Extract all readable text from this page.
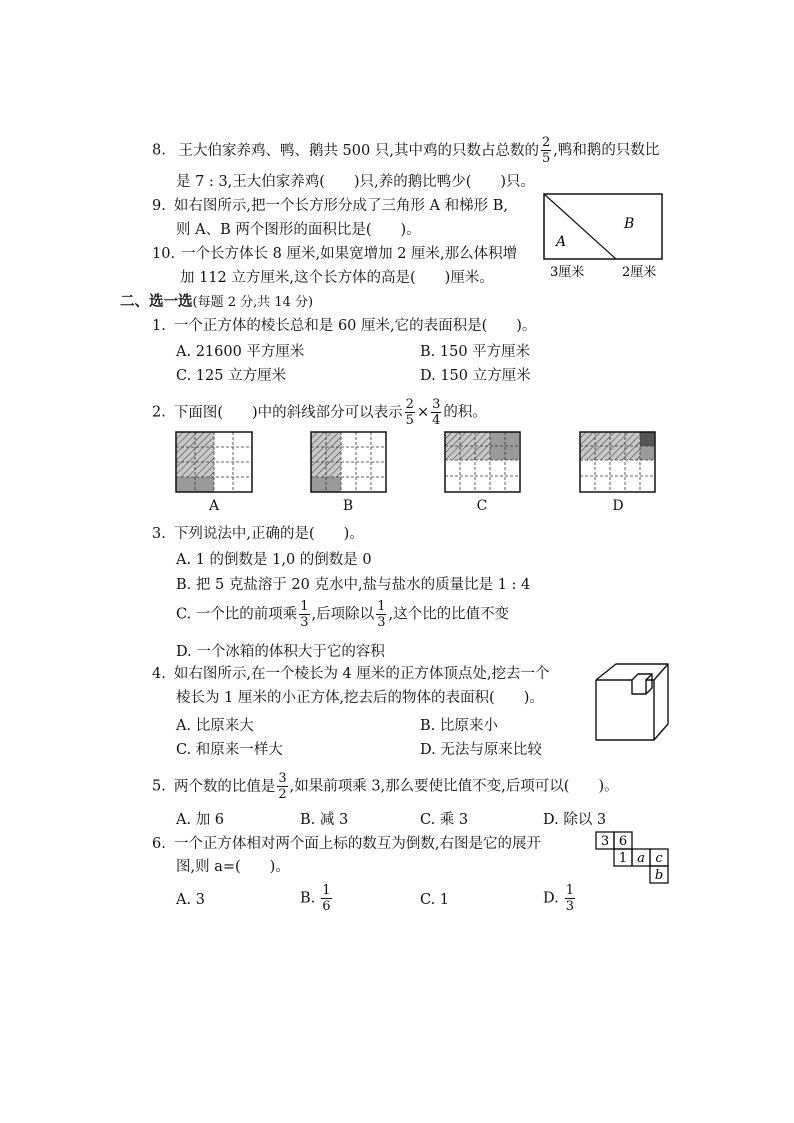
8. 王大伯家养鸡、鸭、鹅共 500 只,其中鸡的只数占总数的 $\frac{2}{5}$ ,鸭和鹅的只数比
是 7 : 3,王大伯家养鸡(　　)只,养的鹅比鸭少(　　)只。
9. 如右图所示,把一个长方形分成了三角形 A 和梯形 B,
则 A、B 两个图形的面积比是(　　)。
A
B
3厘米	2厘米
10. 一个长方体长 8 厘米,如果宽增加 2 厘米,那么体积增
加 112 立方厘米,这个长方体的高是(　　)厘米。
二、选一选(每题 2 分,共 14 分)
1. 一个正方体的棱长总和是 60 厘米,它的表面积是(　　)。
A. 21600 平方厘米	B. 150 平方厘米
C. 125 立方厘米	D. 150 立方厘米
2. 下面图(　　)中的斜线部分可以表示 $\frac{2}{5} \times \frac{3}{4}$ 的积。
A	B	C	D
3. 下列说法中,正确的是(　　)。
A. 1 的倒数是 1,0 的倒数是 0
B. 把 5 克盐溶于 20 克水中,盐与盐水的质量比是 1 : 4
C. 一个比的前项乘 $\frac{1}{3}$ ,后项除以 $\frac{1}{3}$ ,这个比的比值不变
D. 一个冰箱的体积大于它的容积
4. 如右图所示,在一个棱长为 4 厘米的正方体顶点处,挖去一个
棱长为 1 厘米的小正方体,挖去后的物体的表面积(　　)。
A. 比原来大	B. 比原来小
C. 和原来一样大	D. 无法与原来比较
5. 两个数的比值是 $\frac{3}{2}$ ,如果前项乘 3,那么要使比值不变,后项可以(　　)。
A. 加 6	B. 减 3	C. 乘 3	D. 除以 3
6. 一个正方体相对两个面上标的数互为倒数,右图是它的展开
图,则 a=(　　)。
3 6
1 a c
b
A. 3	B. $\frac{1}{6}$	C. 1	D. $\frac{1}{3}$
